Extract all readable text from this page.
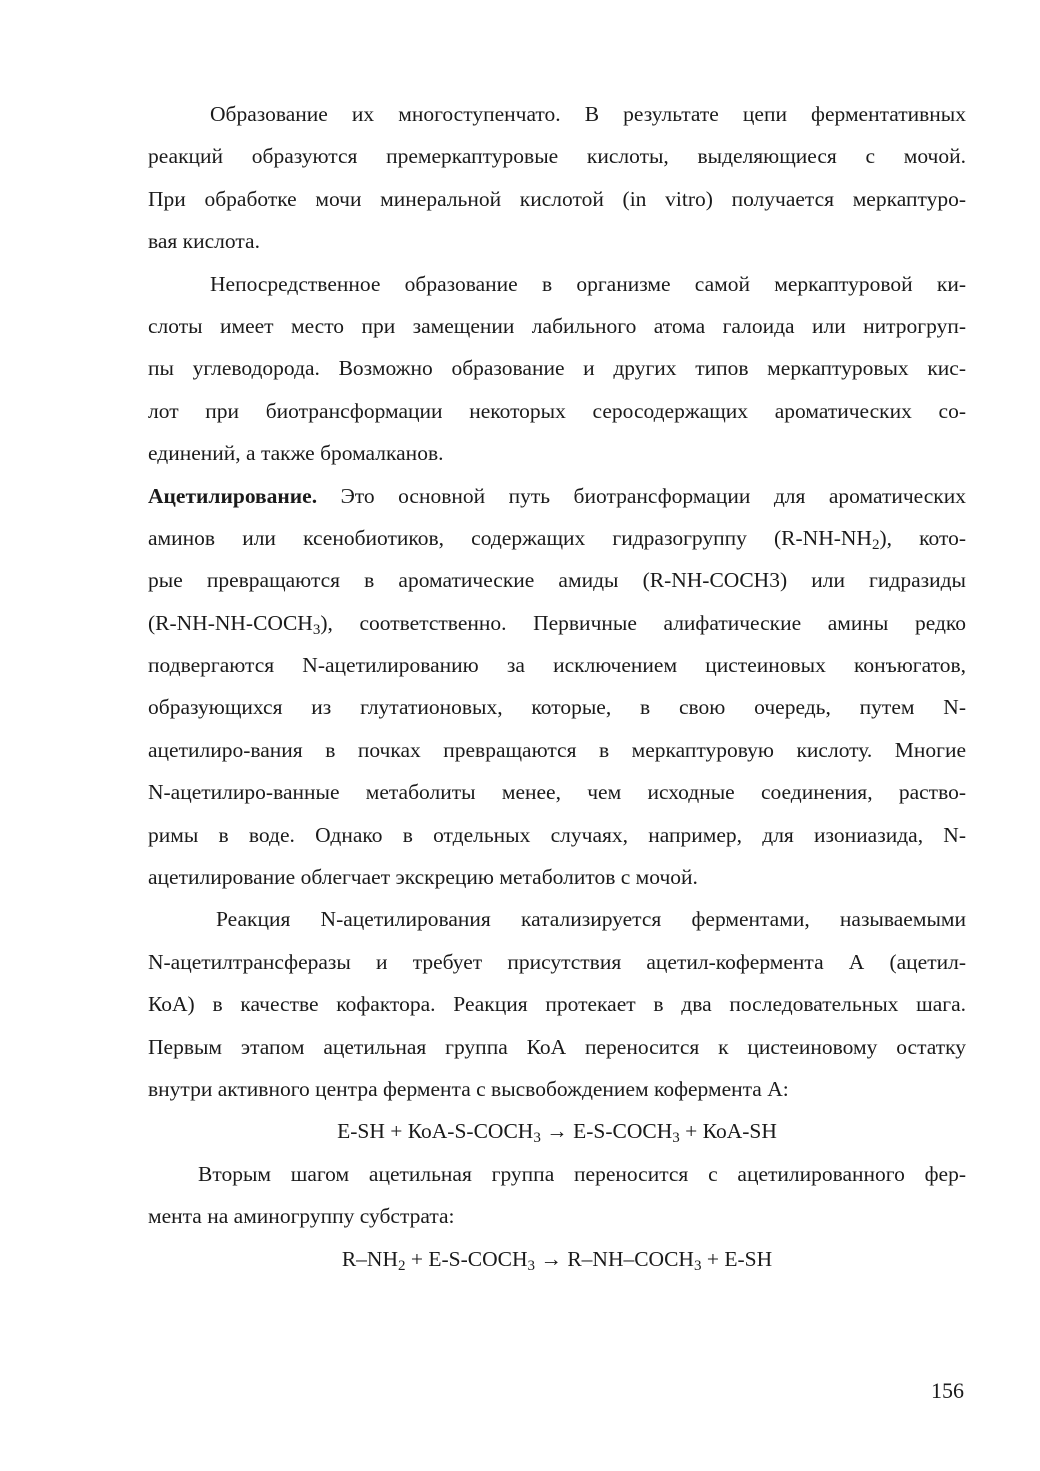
Образование их многоступенчато. В результате цепи ферментативных
реакций образуются премеркаптуровые кислоты, выделяющиеся с мочой.
При обработке мочи минеральной кислотой (in vitro) получается меркаптуро-
вая кислота.
Непосредственное образование в организме самой меркаптуровой ки-
слоты имеет место при замещении лабильного атома галоида или нитрогруп-
пы углеводорода. Возможно образование и других типов меркаптуровых кис-
лот при биотрансформации некоторых серосодержащих ароматических со-
единений, а также бромалканов.
Ацетилирование. Это основной путь биотрансформации для ароматических
аминов или ксенобиотиков, содержащих гидразогруппу $(R-NH-NH_2)$, кото-
рые превращаются в ароматические амиды (R-NH-COCH3) или гидразиды
$(R-NH-NH-COCH_3)$, соответственно. Первичные алифатические амины редко
подвергаются N-ацетилированию за исключением цистеиновых конъюгатов,
образующихся из глутатионовых, которые, в свою очередь, путем N-
ацетилиро-вания в почках превращаются в меркаптуровую кислоту. Многие
N-ацетилиро-ванные метаболиты менее, чем исходные соединения, раство-
римы в воде. Однако в отдельных случаях, например, для изониазида, N-
ацетилирование облегчает экскрецию метаболитов с мочой.
Реакция N-ацетилирования катализируется ферментами, называемыми
N-ацетилтрансферазы и требует присутствия ацетил-кофермента А (ацетил-
КоА) в качестве кофактора. Реакция протекает в два последовательных шага.
Первым этапом ацетильная группа КоА переносится к цистеиновому остатку
внутри активного центра фермента с высвобождением кофермента А:
E-SH + КоА-$S-COCH_3$ → $E-S-COCH_3 + КоА-SH$
Вторым шагом ацетильная группа переносится с ацетилированного фер-
мента на аминогруппу субстрата:
$R-NH_2$ + $E-S-COCH_3$ → $R-NH-COCH_3 + E-SH$
156
